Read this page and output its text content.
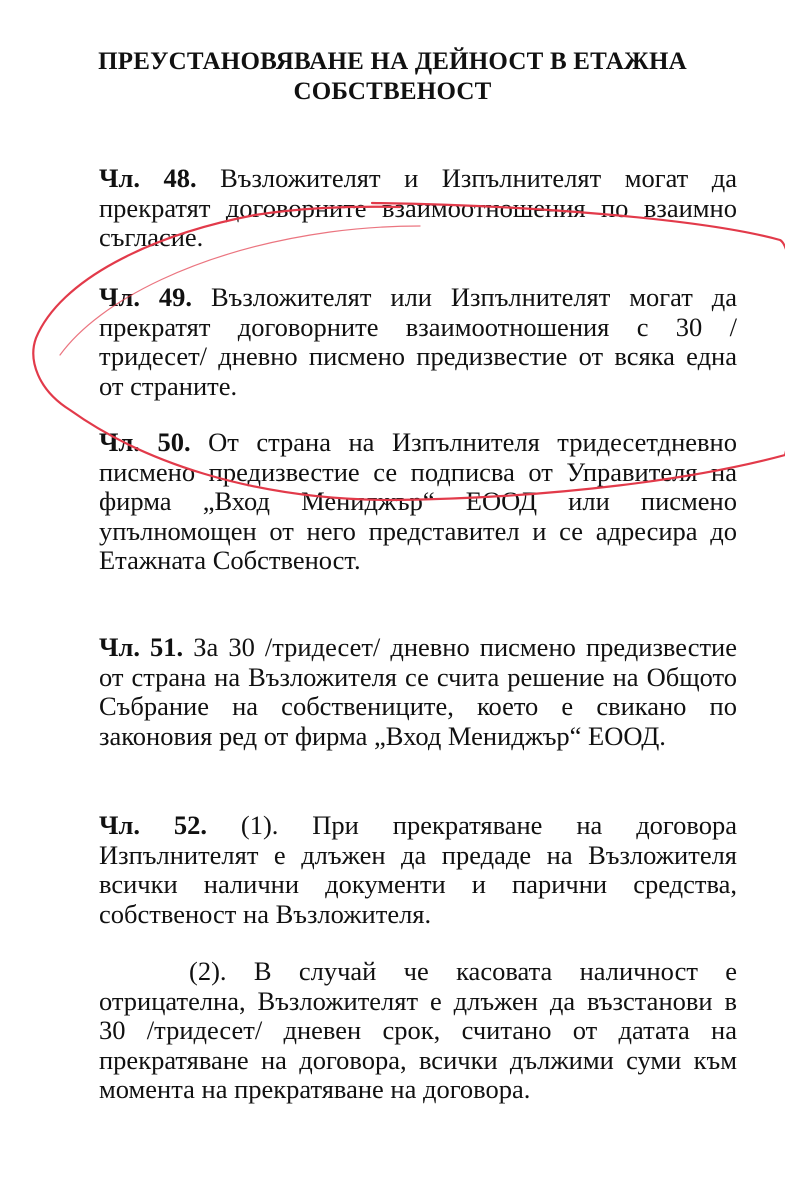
ПРЕУСТАНОВЯВАНЕ НА ДЕЙНОСТ В ЕТАЖНА

СОБСТВЕНОСТ

Чл. 48. Възложителят и Изпълнителят могат да прекратят договорните взаимоотношения по взаимно съгласие.

Чл. 49. Възложителят или Изпълнителят могат да прекратят договорните взаимоотношения с 30 /тридесет/ дневно писмено предизвестие от всяка една от страните.

Чл. 50. От страна на Изпълнителя тридесетдневно писмено предизвестие се подписва от Управителя на фирма „Вход Мениджър“ ЕООД или писмено упълномощен от него представител и се адресира до Етажната Собственост.

Чл. 51. За 30 /тридесет/ дневно писмено предизвестие от страна на Възложителя се счита решение на Общото Събрание на собствениците, което е свикано по законовия ред от фирма „Вход Мениджър“ ЕООД.

Чл. 52. (1). При прекратяване на договора Изпълнителят е длъжен да предаде на Възложителя всички налични документи и парични средства, собственост на Възложителя.

(2). В случай че касовата наличност е отрицателна, Възложителят е длъжен да възстанови в 30 /тридесет/ дневен срок, считано от датата на прекратяване на договора, всички дължими суми към момента на прекратяване на договора.
